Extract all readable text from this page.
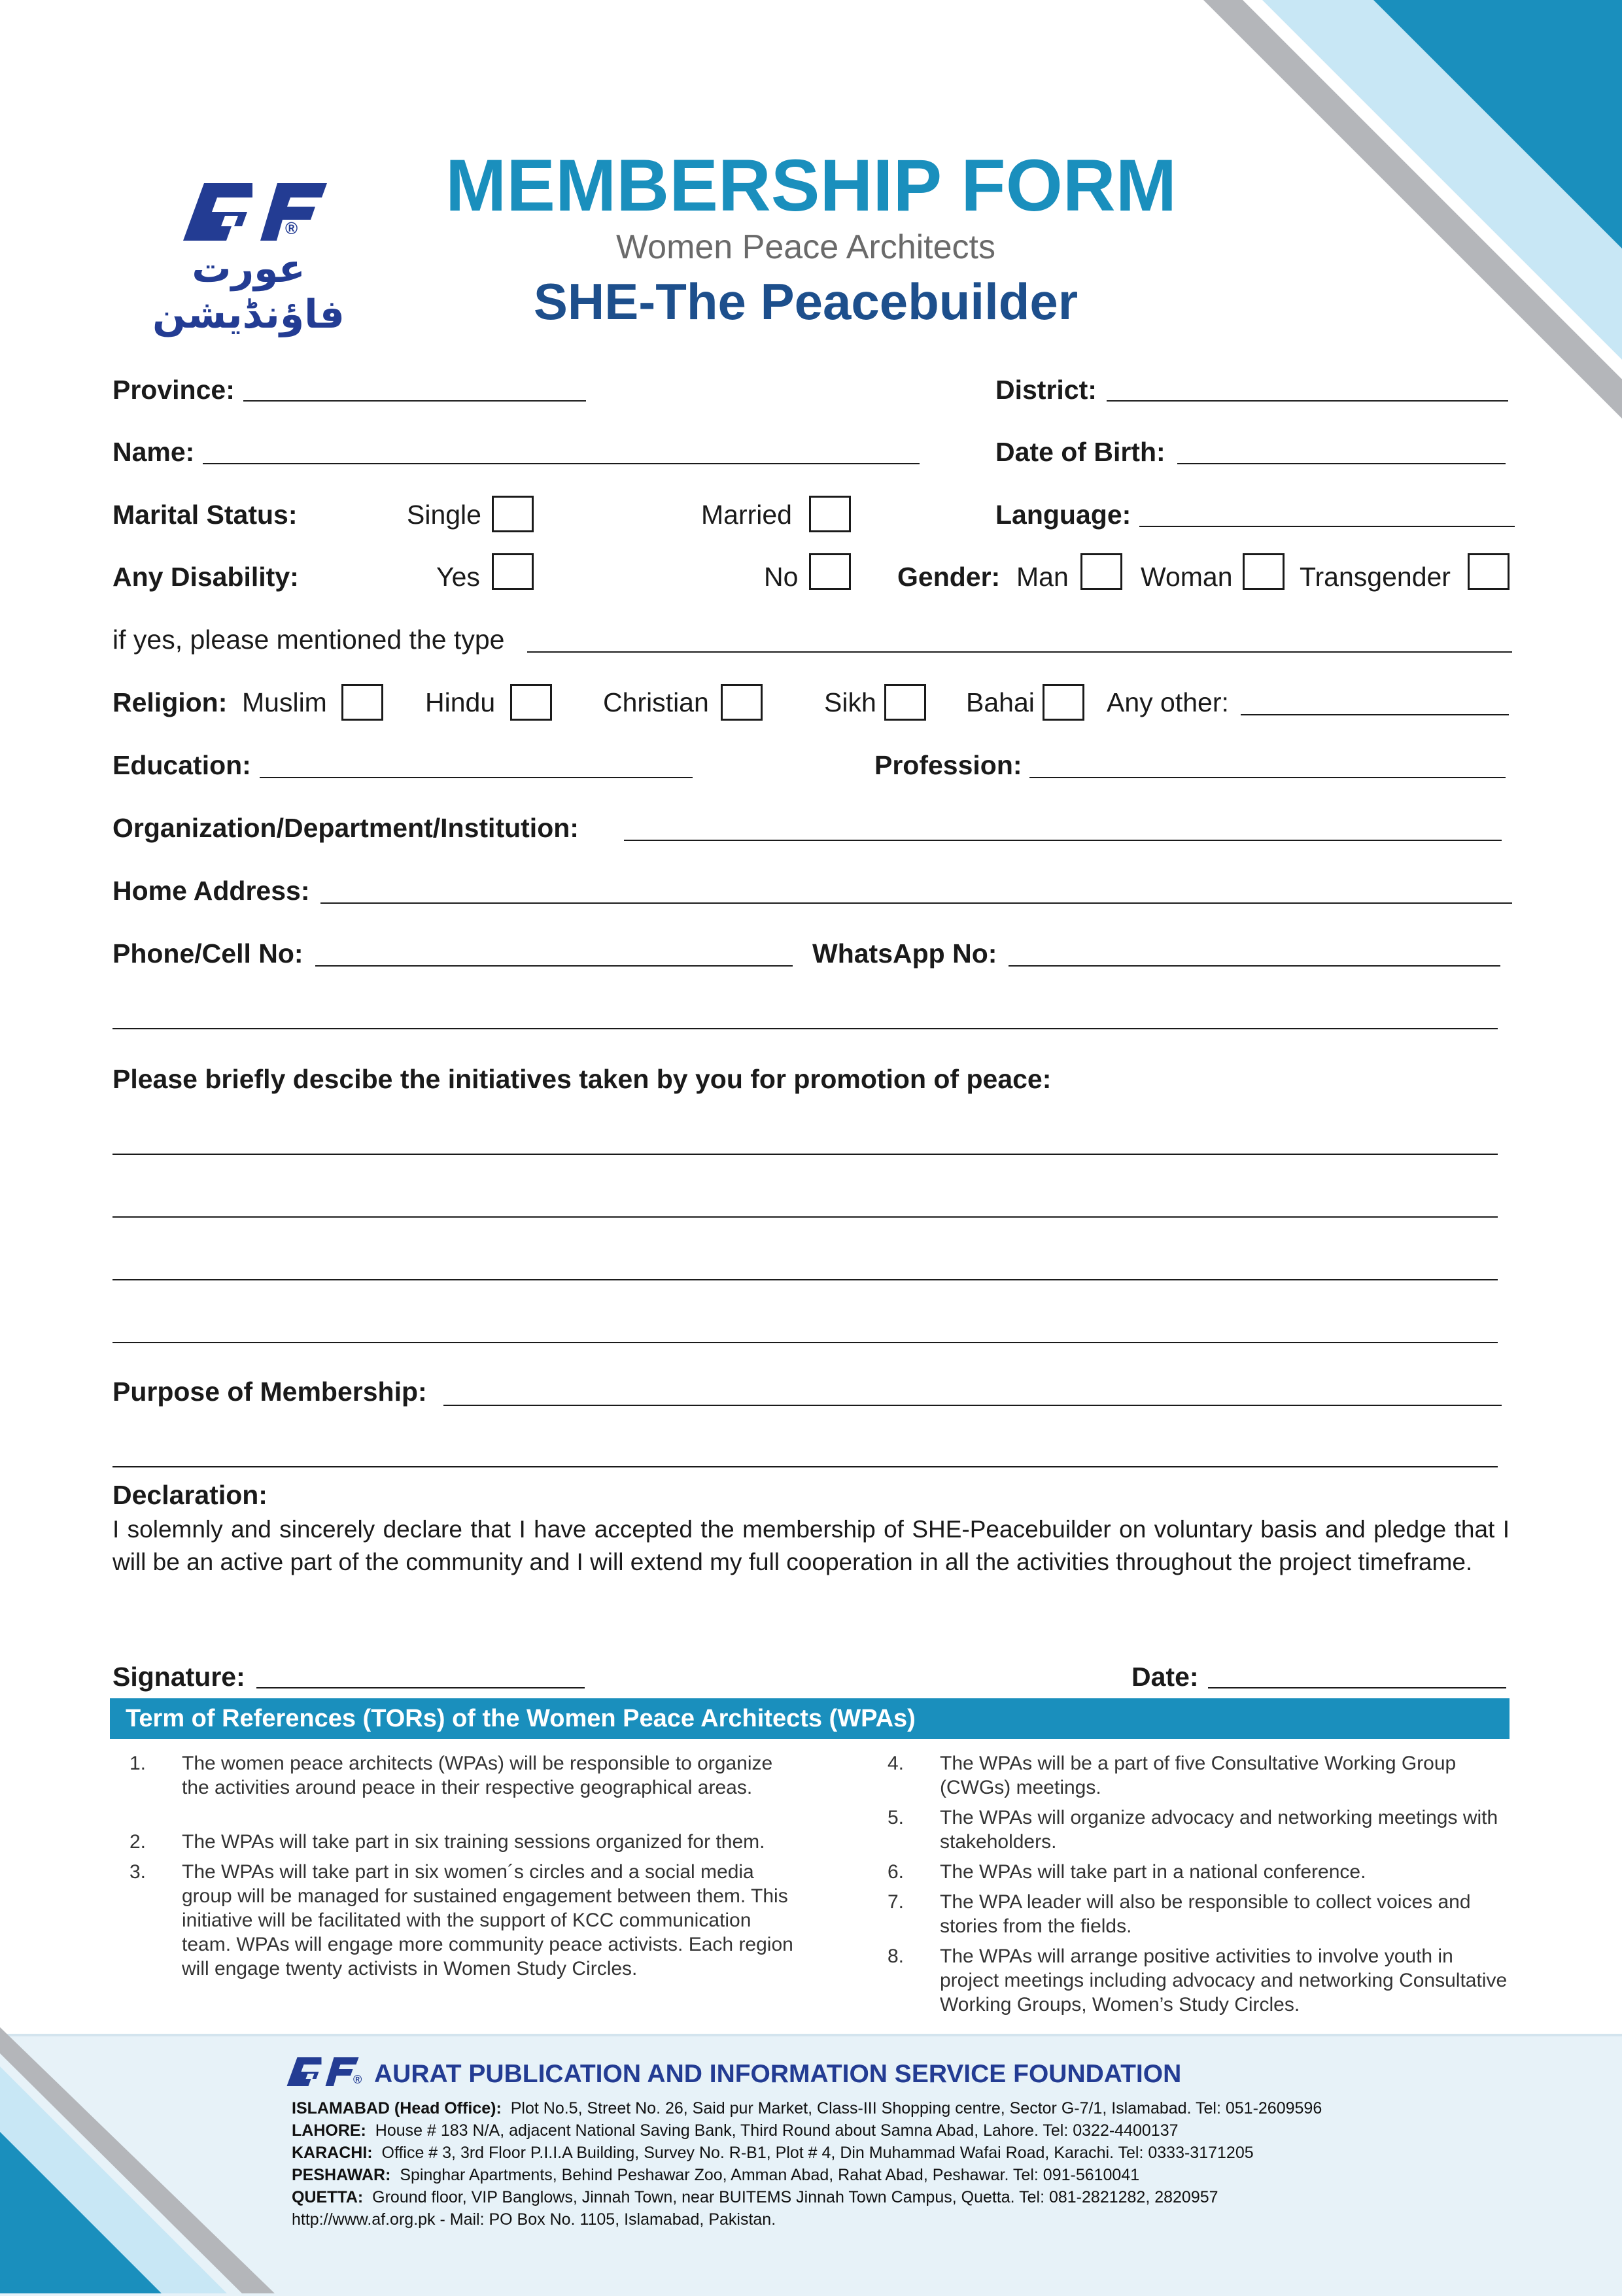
®
عورت فاؤنڈیشن
MEMBERSHIP FORM
Women Peace Architects
SHE-The Peacebuilder
Province:	District:
Name:	Date of Birth:
Marital Status:	Single	Married	Language:
Any Disability:	Yes	No	Gender: Man	Woman Transgender
if yes, please mentioned the type
Religion: Muslim	Hindu	Christian	Sikh	Bahai	Any other:
Education:	Profession:
Organization/Department/Institution:
Home Address:
Phone/Cell No:	WhatsApp No:
Please briefly descibe the initiatives taken by you for promotion of peace:
Purpose of Membership:
Declaration:
I solemnly and sincerely declare that I have accepted the membership of SHE-Peacebuilder on voluntary basis and pledge that I will be an active part of the community and I will extend my full cooperation in all the activities throughout the project timeframe.
Signature:	Date:
Term of References (TORs) of the Women Peace Architects (WPAs)
1.	The women peace architects (WPAs) will be responsible to organize the activities around peace in their respective geographical areas.
2.	The WPAs will take part in six training sessions organized for them.
3.	The WPAs will take part in six women´s circles and a social media group will be managed for sustained engagement between them. This initiative will be facilitated with the support of KCC communication team. WPAs will engage more community peace activists. Each region will engage twenty activists in Women Study Circles.
4.	The WPAs will be a part of five Consultative Working Group (CWGs) meetings.
5.	The WPAs will organize advocacy and networking meetings with stakeholders.
6.	The WPAs will take part in a national conference.
7.	The WPA leader will also be responsible to collect voices and stories from the fields.
8.	The WPAs will arrange positive activities to involve youth in project meetings including advocacy and networking Consultative Working Groups, Women’s Study Circles.
® AURAT PUBLICATION AND INFORMATION SERVICE FOUNDATION
ISLAMABAD (Head Office): Plot No.5, Street No. 26, Said pur Market, Class-III Shopping centre, Sector G-7/1, Islamabad. Tel: 051-2609596
LAHORE: House # 183 N/A, adjacent National Saving Bank, Third Round about Samna Abad, Lahore. Tel: 0322-4400137
KARACHI: Office # 3, 3rd Floor P.I.I.A Building, Survey No. R-B1, Plot # 4, Din Muhammad Wafai Road, Karachi. Tel: 0333-3171205
PESHAWAR: Spinghar Apartments, Behind Peshawar Zoo, Amman Abad, Rahat Abad, Peshawar. Tel: 091-5610041
QUETTA: Ground floor, VIP Banglows, Jinnah Town, near BUITEMS Jinnah Town Campus, Quetta. Tel: 081-2821282, 2820957
http://www.af.org.pk - Mail: PO Box No. 1105, Islamabad, Pakistan.
